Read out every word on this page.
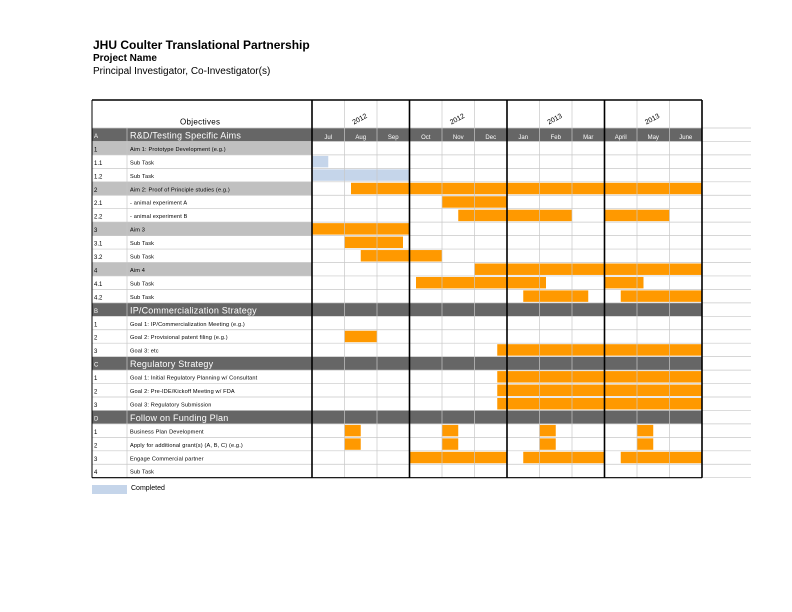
JHU Coulter Translational Partnership
Project Name
Principal Investigator, Co-Investigator(s)
Objectives	2012	2012	2013	2013
Jul	Aug	Sep	Oct	Nov	Dec	Jan	Feb	Mar	April	May	June
A	R&D/Testing Specific Aims
1	Aim 1: Prototype Development (e.g.)
1.1	Sub Task
1.2	Sub Task
2	Aim 2: Proof of Principle studies (e.g.)
2.1	- animal experiment A
2.2	- animal experiment B
3	Aim 3
3.1	Sub Task
3.2	Sub Task
4	Aim 4
4.1	Sub Task
4.2	Sub Task
B	IP/Commercialization Strategy
1	Goal 1: IP/Commercialization Meeting (e.g.)
2	Goal 2: Provisional patent filing (e.g.)
3	Goal 3: etc
C	Regulatory Strategy
1	Goal 1: Initial Regulatory Planning w/ Consultant
2	Goal 2: Pre-IDE/Kickoff Meeting w/ FDA
3	Goal 3: Regulatory Submission
D	Follow on Funding Plan
1	Business Plan Development
2	Apply for additional grant(s) (A, B, C) (e.g.)
3	Engage Commercial partner
4	Sub Task
Completed
